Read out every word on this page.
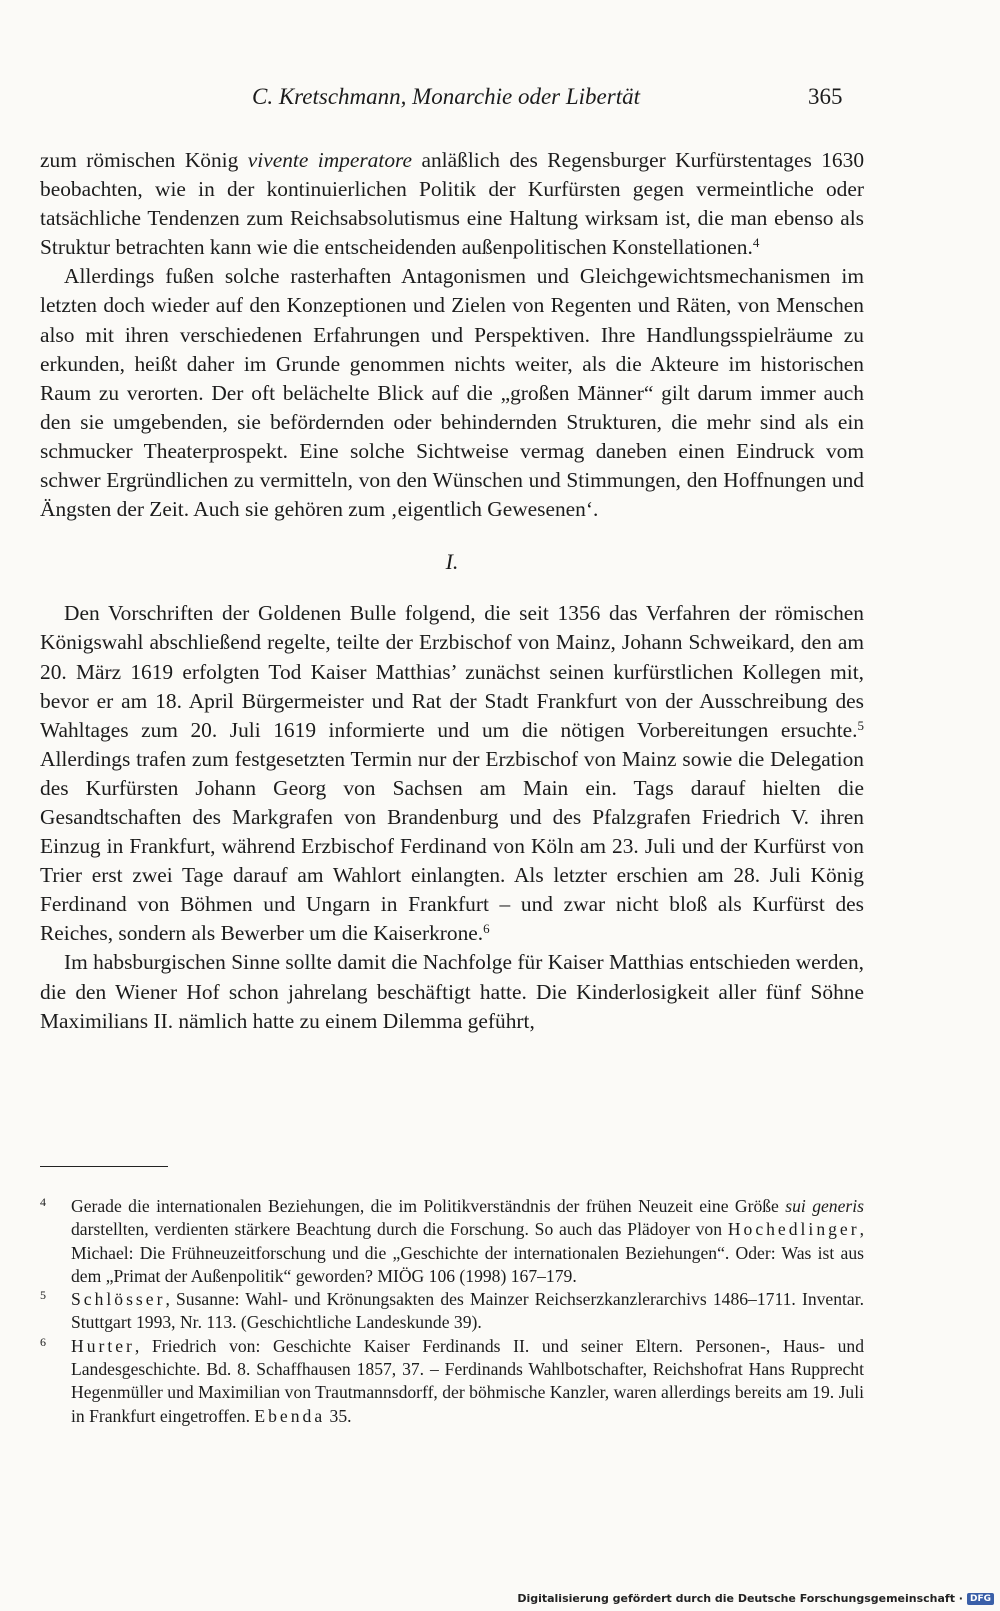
C. Kretschmann, Monarchie oder Libertät	365

zum römischen König vivente imperatore anläßlich des Regensburger Kurfürstentages 1630 beobachten, wie in der kontinuierlichen Politik der Kurfürsten gegen vermeintliche oder tatsächliche Tendenzen zum Reichsabsolutismus eine Haltung wirksam ist, die man ebenso als Struktur betrachten kann wie die entscheidenden außenpolitischen Konstellationen.$^4$

Allerdings fußen solche rasterhaften Antagonismen und Gleichgewichtsmechanismen im letzten doch wieder auf den Konzeptionen und Zielen von Regenten und Räten, von Menschen also mit ihren verschiedenen Erfahrungen und Perspektiven. Ihre Handlungsspielräume zu erkunden, heißt daher im Grunde genommen nichts weiter, als die Akteure im historischen Raum zu verorten. Der oft belächelte Blick auf die „großen Männer“ gilt darum immer auch den sie umgebenden, sie befördernden oder behindernden Strukturen, die mehr sind als ein schmucker Theaterprospekt. Eine solche Sichtweise vermag daneben einen Eindruck vom schwer Ergründlichen zu vermitteln, von den Wünschen und Stimmungen, den Hoffnungen und Ängsten der Zeit. Auch sie gehören zum ‚eigentlich Gewesenen‘.

I.

Den Vorschriften der Goldenen Bulle folgend, die seit 1356 das Verfahren der römischen Königswahl abschließend regelte, teilte der Erzbischof von Mainz, Johann Schweikard, den am 20. März 1619 erfolgten Tod Kaiser Matthias’ zunächst seinen kurfürstlichen Kollegen mit, bevor er am 18. April Bürgermeister und Rat der Stadt Frankfurt von der Ausschreibung des Wahltages zum 20. Juli 1619 informierte und um die nötigen Vorbereitungen ersuchte.$^5$ Allerdings trafen zum festgesetzten Termin nur der Erzbischof von Mainz sowie die Delegation des Kurfürsten Johann Georg von Sachsen am Main ein. Tags darauf hielten die Gesandtschaften des Markgrafen von Brandenburg und des Pfalzgrafen Friedrich V. ihren Einzug in Frankfurt, während Erzbischof Ferdinand von Köln am 23. Juli und der Kurfürst von Trier erst zwei Tage darauf am Wahlort einlangten. Als letzter erschien am 28. Juli König Ferdinand von Böhmen und Ungarn in Frankfurt – und zwar nicht bloß als Kurfürst des Reiches, sondern als Bewerber um die Kaiserkrone.$^6$

Im habsburgischen Sinne sollte damit die Nachfolge für Kaiser Matthias entschieden werden, die den Wiener Hof schon jahrelang beschäftigt hatte. Die Kinderlosigkeit aller fünf Söhne Maximilians II. nämlich hatte zu einem Dilemma geführt,

4 Gerade die internationalen Beziehungen, die im Politikverständnis der frühen Neuzeit eine Größe sui generis darstellten, verdienten stärkere Beachtung durch die Forschung. So auch das Plädoyer von Hochedlinger, Michael: Die Frühneuzeitforschung und die „Geschichte der internationalen Beziehungen“. Oder: Was ist aus dem „Primat der Außenpolitik“ geworden? MIÖG 106 (1998) 167–179.
5 Schlösser, Susanne: Wahl- und Krönungsakten des Mainzer Reichserzkanzlerarchivs 1486–1711. Inventar. Stuttgart 1993, Nr. 113. (Geschichtliche Landeskunde 39).
6 Hurter, Friedrich von: Geschichte Kaiser Ferdinands II. und seiner Eltern. Personen-, Haus- und Landesgeschichte. Bd. 8. Schaffhausen 1857, 37. – Ferdinands Wahlbotschafter, Reichshofrat Hans Rupprecht Hegenmüller und Maximilian von Trautmannsdorff, der böhmische Kanzler, waren allerdings bereits am 19. Juli in Frankfurt eingetroffen. Ebenda 35.
Digitalisierung gefördert durch die Deutsche Forschungsgemeinschaft · DFG
